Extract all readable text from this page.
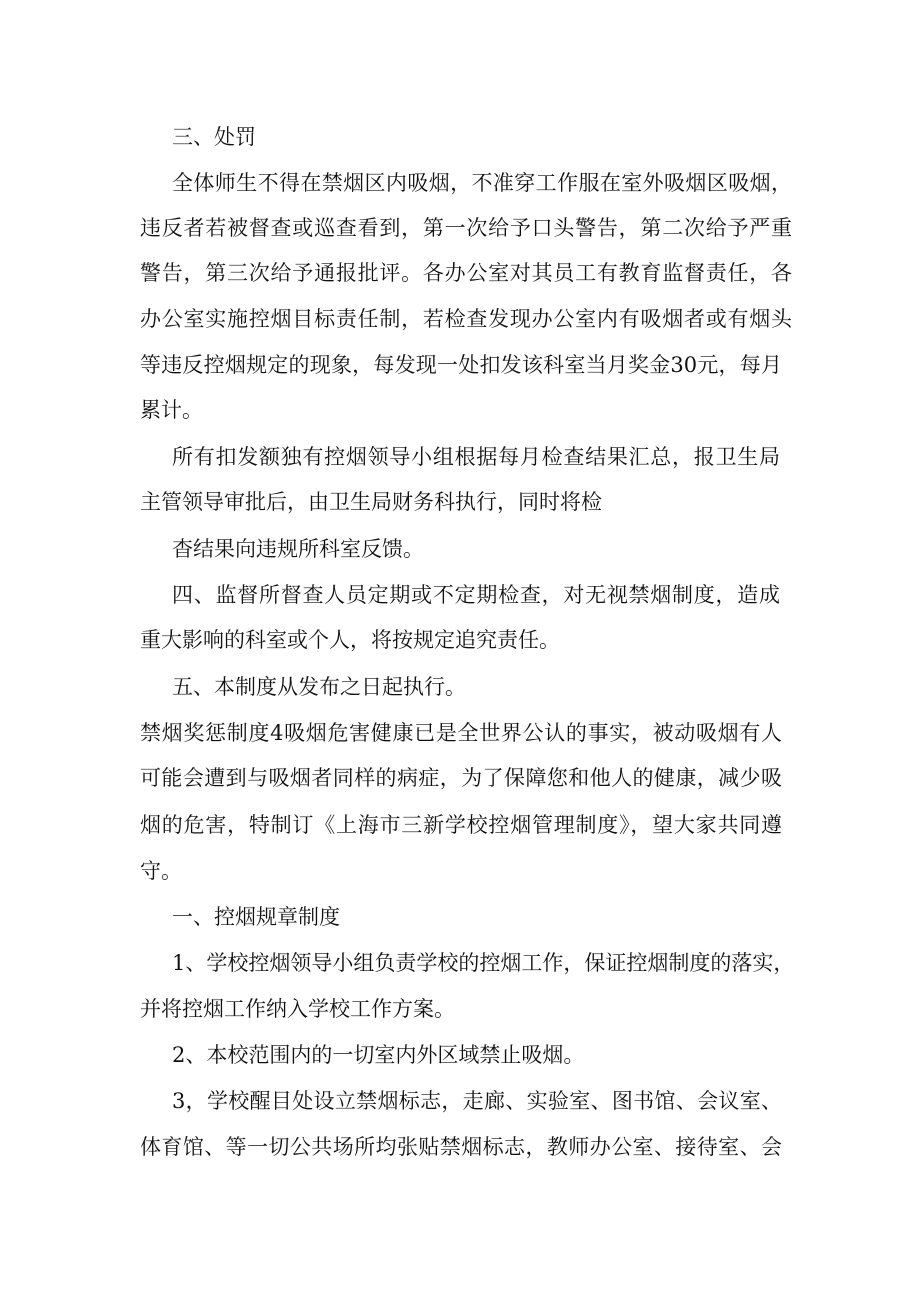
三、处罚

全体师生不得在禁烟区内吸烟，不准穿工作服在室外吸烟区吸烟，

违反者若被督查或巡查看到，第一次给予口头警告，第二次给予严重

警告，第三次给予通报批评。各办公室对其员工有教育监督责任，各

办公室实施控烟目标责任制，若检查发现办公室内有吸烟者或有烟头

等违反控烟规定的现象，每发现一处扣发该科室当月奖金30元，每月

累计。

所有扣发额独有控烟领导小组根据每月检查结果汇总，报卫生局

主管领导审批后，由卫生局财务科执行，同时将检

杳结果向违规所科室反馈。

四、监督所督查人员定期或不定期检查，对无视禁烟制度，造成

重大影响的科室或个人，将按规定追究责任。

五、本制度从发布之日起执行。

禁烟奖惩制度4吸烟危害健康已是全世界公认的事实，被动吸烟有人

可能会遭到与吸烟者同样的病症，为了保障您和他人的健康，减少吸

烟的危害，特制订《上海市三新学校控烟管理制度》，望大家共同遵

守。

一、控烟规章制度

1、学校控烟领导小组负责学校的控烟工作，保证控烟制度的落实，

并将控烟工作纳入学校工作方案。

2、本校范围内的一切室内外区域禁止吸烟。

3，学校醒目处设立禁烟标志，走廊、实验室、图书馆、会议室、

体育馆、等一切公共场所均张贴禁烟标志，教师办公室、接待室、会
